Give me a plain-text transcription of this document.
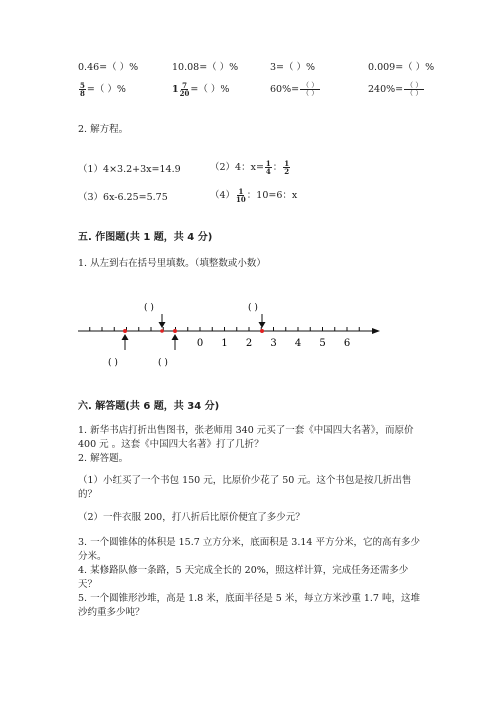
0.46=（ ）%	10.08=（ ）%	3=（ ）%	0.009=（ ）%
$\frac{5}{8}$ =（ ）%	$1 \frac{7}{20}$ =（ ）%	$60\%= \frac{( )}{( )}$	$240\%= \frac{( )}{( )}$
2. 解方程。
（1）4×3.2+3x=14.9	（2）4：$x= \frac{1}{4}$ ： $\frac{1}{2}$
（3）6x-6.25=5.75	$(4) \frac{1}{10}$ ：10=6：x
五. 作图题(共 1 题，共 4 分)
1. 从左到右在括号里填数。（填整数或小数）
( )	( )
0 1 2 3 4 5 6
( )	( )
六. 解答题(共 6 题，共 34 分)
1. 新华书店打折出售图书，张老师用 340 元买了一套《中国四大名著》，而原价 400 元 。这套《中国四大名著》打了几折？
2. 解答题。
（1）小红买了一个书包 150 元，比原价少花了 50 元。这个书包是按几折出售的？
（2）一件衣服 200，打八折后比原价便宜了多少元？
3. 一个圆锥体的体积是 15.7 立方分米，底面积是 3.14 平方分米，它的高有多少分米。
4. 某修路队修一条路，5 天完成全长的 20%，照这样计算，完成任务还需多少天？
5. 一个圆锥形沙堆，高是 1.8 米，底面半径是 5 米，每立方米沙重 1.7 吨，这堆沙约重多少吨？
